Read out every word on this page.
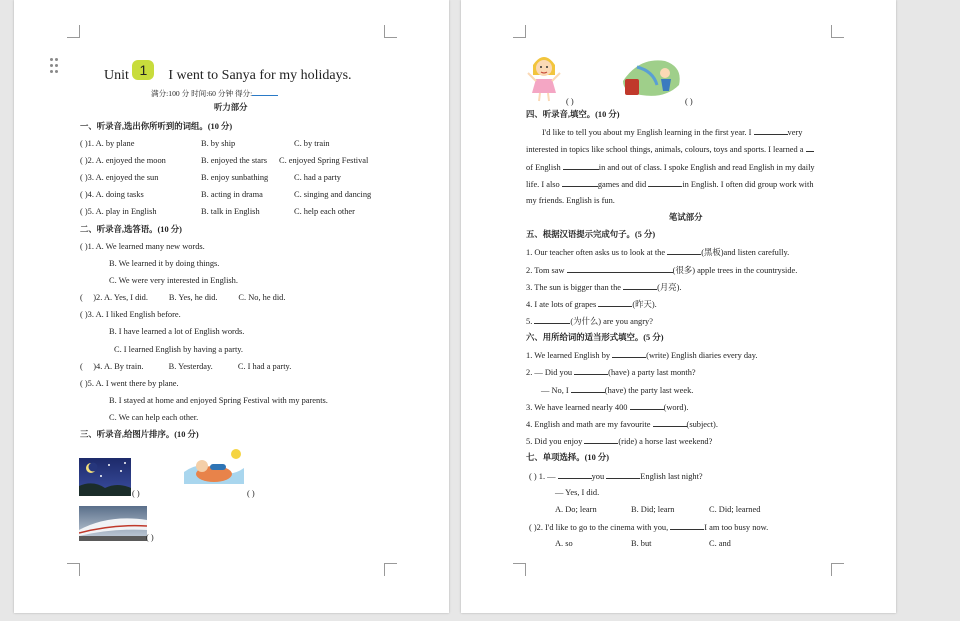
Unit 1 I went to Sanya for my holidays.
满分:100 分 时间:60 分钟 得分:
听力部分
一、听录音,选出你所听到的词组。(10 分)
( )1. A. by plane	B. by ship	C. by train
( )2. A. enjoyed the moon	B. enjoyed the stars C. enjoyed Spring Festival
( )3. A. enjoyed the sun	B. enjoy sunbathing	C. had a party
( )4. A. doing tasks	B. acting in drama	C. singing and dancing
( )5. A. play in English	B. talk in English	C. help each other
二、听录音,选答语。(10 分)
( )1. A. We learned many new words.
B. We learned it by doing things.
C. We were very interested in English.
(     )2. A. Yes, I did.          B. Yes, he did.          C. No, he did.
( )3. A. I liked English before.
B. I have learned a lot of English words.
C. I learned English by having a party.
(     )4. A. By train.            B. Yesterday.            C. I had a party.
( )5. A. I went there by plane.
B. I stayed at home and enjoyed Spring Festival with my parents.
C. We can help each other.
三、听录音,给图片排序。(10 分)
( )	( )
( )
( )	( )
四、听录音,填空。(10 分)
I'd like to tell you about my English learning in the first year. I	very
interested in topics like school things, animals, colours, toys and sports. I learned a
of English	in and out of class. I spoke English and read English in my daily
life. I also	games and did	in English. I often did group work with
my friends. English is fun.
笔试部分
五、根据汉语提示完成句子。(5 分)
1. Our teacher often asks us to look at the	(黑板)and listen carefully.
2. Tom saw	(很多) apple trees in the countryside.
3. The sun is bigger than the	(月亮).
4. I ate lots of grapes	(昨天).
5.	(为什么) are you angry?
六、用所给词的适当形式填空。(5 分)
1. We learned English by	(write) English diaries every day.
2. — Did you	(have) a party last month?
— No, I	(have) the party last week.
3. We have learned nearly 400	(word).
4. English and math are my favourite	(subject).
5. Did you enjoy	(ride) a horse last weekend?
七、单项选择。(10 分)
( ) 1. —	you	English last night?
— Yes, I did.
A. Do; learn	B. Did; learn	C. Did; learned
( )2. I'd like to go to the cinema with you,	I am too busy now.
A. so	B. but	C. and
